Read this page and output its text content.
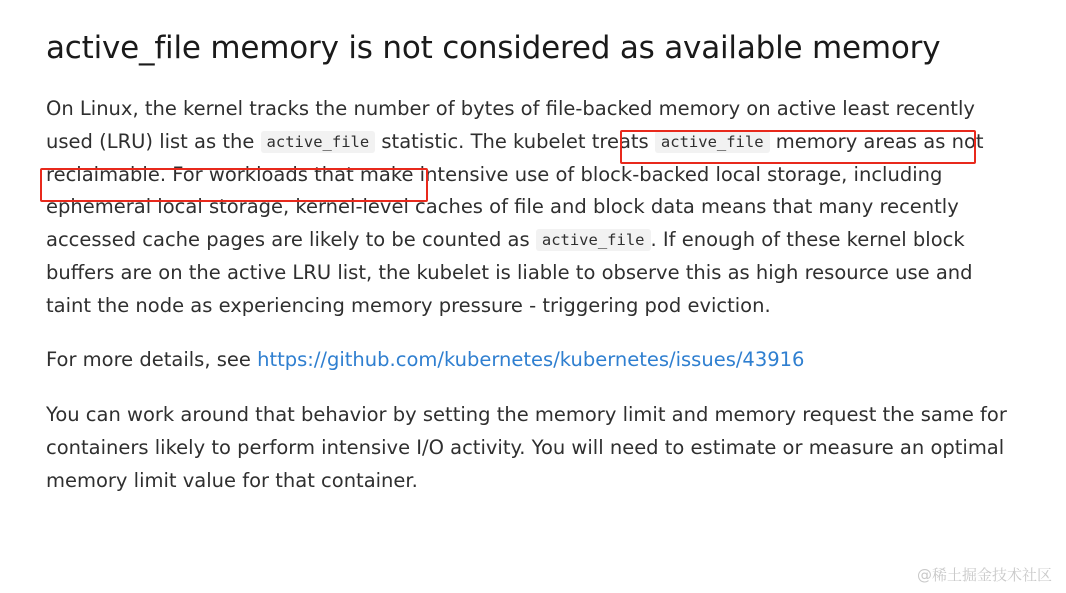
active_file memory is not considered as available memory

On Linux, the kernel tracks the number of bytes of file-backed memory on active least recently used (LRU) list as the active_file statistic. The kubelet treats active_file memory areas as not reclaimable. For workloads that make intensive use of block-backed local storage, including ephemeral local storage, kernel-level caches of file and block data means that many recently accessed cache pages are likely to be counted as active_file . If enough of these kernel block buffers are on the active LRU list, the kubelet is liable to observe this as high resource use and taint the node as experiencing memory pressure - triggering pod eviction.

For more details, see https://github.com/kubernetes/kubernetes/issues/43916

You can work around that behavior by setting the memory limit and memory request the same for containers likely to perform intensive I/O activity. You will need to estimate or measure an optimal memory limit value for that container.

@稀土掘金技术社区
